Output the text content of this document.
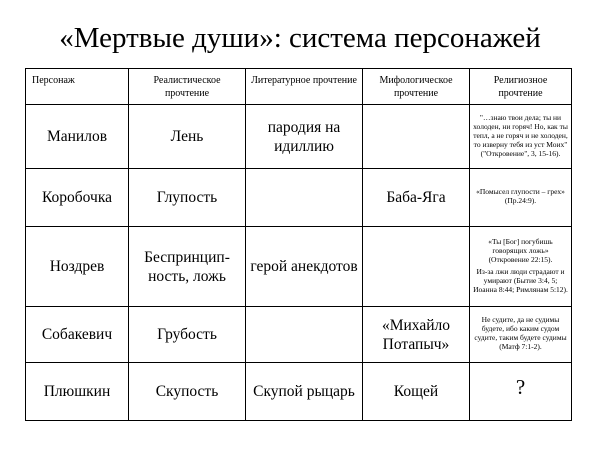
«Мертвые души»: система персонажей
Персонаж	Реалистическое прочтение	Литературное прочтение	Мифологическое прочтение	Религиозное прочтение
Манилов	Лень	пародия на идиллию		"…знаю твои дела; ты ни холоден, ни горяч! Но, как ты тепл, а не горяч и не холоден, то изверну тебя из уст Моих" ("Откровение", 3, 15-16).

Коробочка	Глупость		Баба-Яга	«Помысел глупости – грех» (Пр.24:9).

Ноздрев	Беспринцип-ность, ложь	герой анекдотов		«Ты [Бог] погубишь говорящих ложь» (Откровение 22:15).

Из-за лжи люди страдают и умирают (Бытие 3:4, 5; Иоанна 8:44; Римлянам 5:12).

Собакевич	Грубость		«Михайло Потапыч»	Не судите, да не судимы будете, ибо каким судом судите, таким будете судимы (Матф 7:1-2).

Плюшкин	Скупость	Скупой рыцарь	Кощей	?
